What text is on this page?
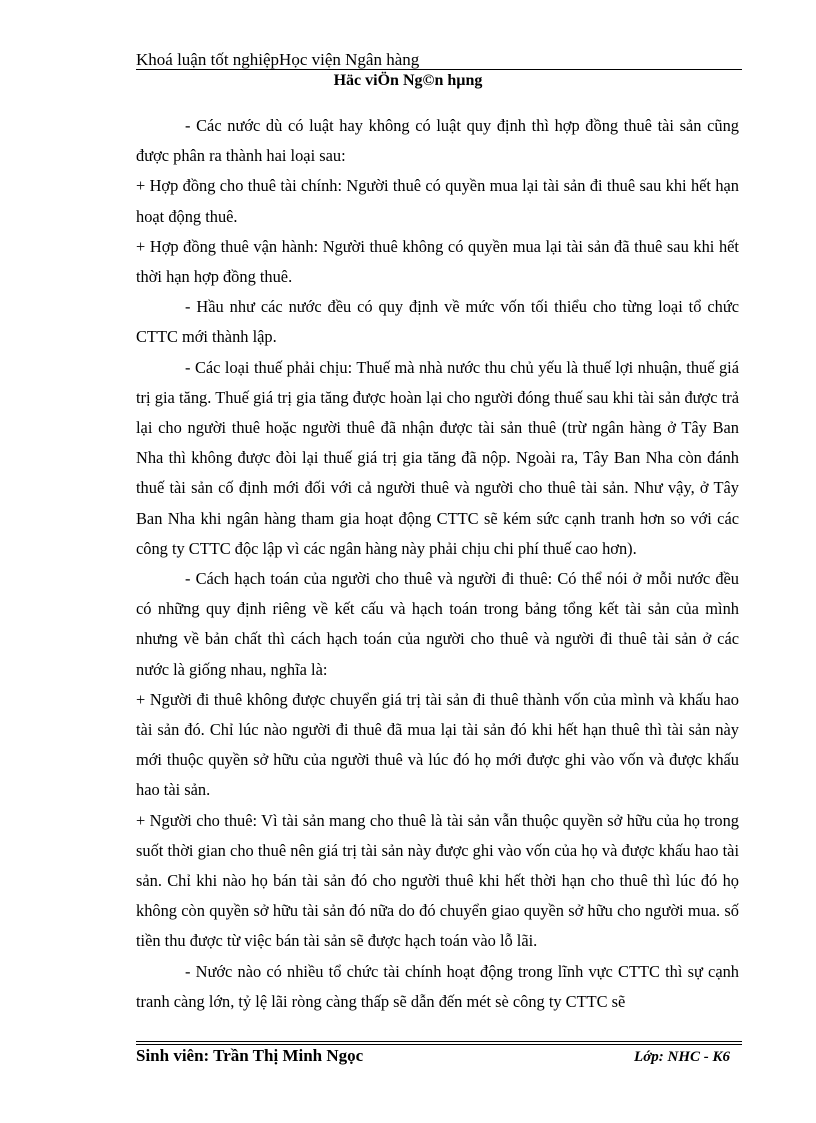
Khoá luận tốt nghiệpHọc viện Ngân hàng
Häc viÖn Ng©n hµng

- Các nước dù có luật hay không có luật quy định thì hợp đồng thuê tài sản cũng được phân ra thành hai loại sau:

+ Hợp đồng cho thuê tài chính: Người thuê có quyền mua lại tài sản đi thuê sau khi hết hạn hoạt động thuê.

+ Hợp đồng thuê vận hành: Người thuê không có quyền mua lại tài sản đã thuê sau khi hết thời hạn hợp đồng thuê.

- Hầu như các nước đều có quy định về mức vốn tối thiểu cho từng loại tổ chức CTTC mới thành lập.

- Các loại thuế phải chịu: Thuế mà nhà nước thu chủ yếu là thuế lợi nhuận, thuế giá trị gia tăng. Thuế giá trị gia tăng được hoàn lại cho người đóng thuế sau khi tài sản được trả lại cho người thuê hoặc người thuê đã nhận được tài sản thuê (trừ ngân hàng ở Tây Ban Nha thì không được đòi lại thuế giá trị gia tăng đã nộp. Ngoài ra, Tây Ban Nha còn đánh thuế tài sản cố định mới đối với cả người thuê và người cho thuê tài sản. Như vậy, ở Tây Ban Nha khi ngân hàng tham gia hoạt động CTTC sẽ kém sức cạnh tranh hơn so với các công ty CTTC độc lập vì các ngân hàng này phải chịu chi phí thuế cao hơn).

- Cách hạch toán của người cho thuê và người đi thuê: Có thể nói ở mỗi nước đều có những quy định riêng về kết cấu và hạch toán trong bảng tổng kết tài sản của mình nhưng về bản chất thì cách hạch toán của người cho thuê và người đi thuê tài sản ở các nước là giống nhau, nghĩa là:

+ Người đi thuê không được chuyển giá trị tài sản đi thuê thành vốn của mình và khấu hao tài sản đó. Chỉ lúc nào người đi thuê đã mua lại tài sản đó khi hết hạn thuê thì tài sản này mới thuộc quyền sở hữu của người thuê và lúc đó họ mới được ghi vào vốn và được khấu hao tài sản.

+ Người cho thuê: Vì tài sản mang cho thuê là tài sản vẫn thuộc quyền sở hữu của họ trong suốt thời gian cho thuê nên giá trị tài sản này được ghi vào vốn của họ và được khấu hao tài sản. Chỉ khi nào họ bán tài sản đó cho người thuê khi hết thời hạn cho thuê thì lúc đó họ không còn quyền sở hữu tài sản đó nữa do đó chuyển giao quyền sở hữu cho người mua. số tiền thu được từ việc bán tài sản sẽ được hạch toán vào lỗ lãi.

- Nước nào có nhiều tổ chức tài chính hoạt động trong lĩnh vực CTTC thì sự cạnh tranh càng lớn, tỷ lệ lãi ròng càng thấp sẽ dẫn đến mét sè công ty CTTC sẽ

Sinh viên: Trần Thị Minh Ngọc	Lớp: NHC - K6
